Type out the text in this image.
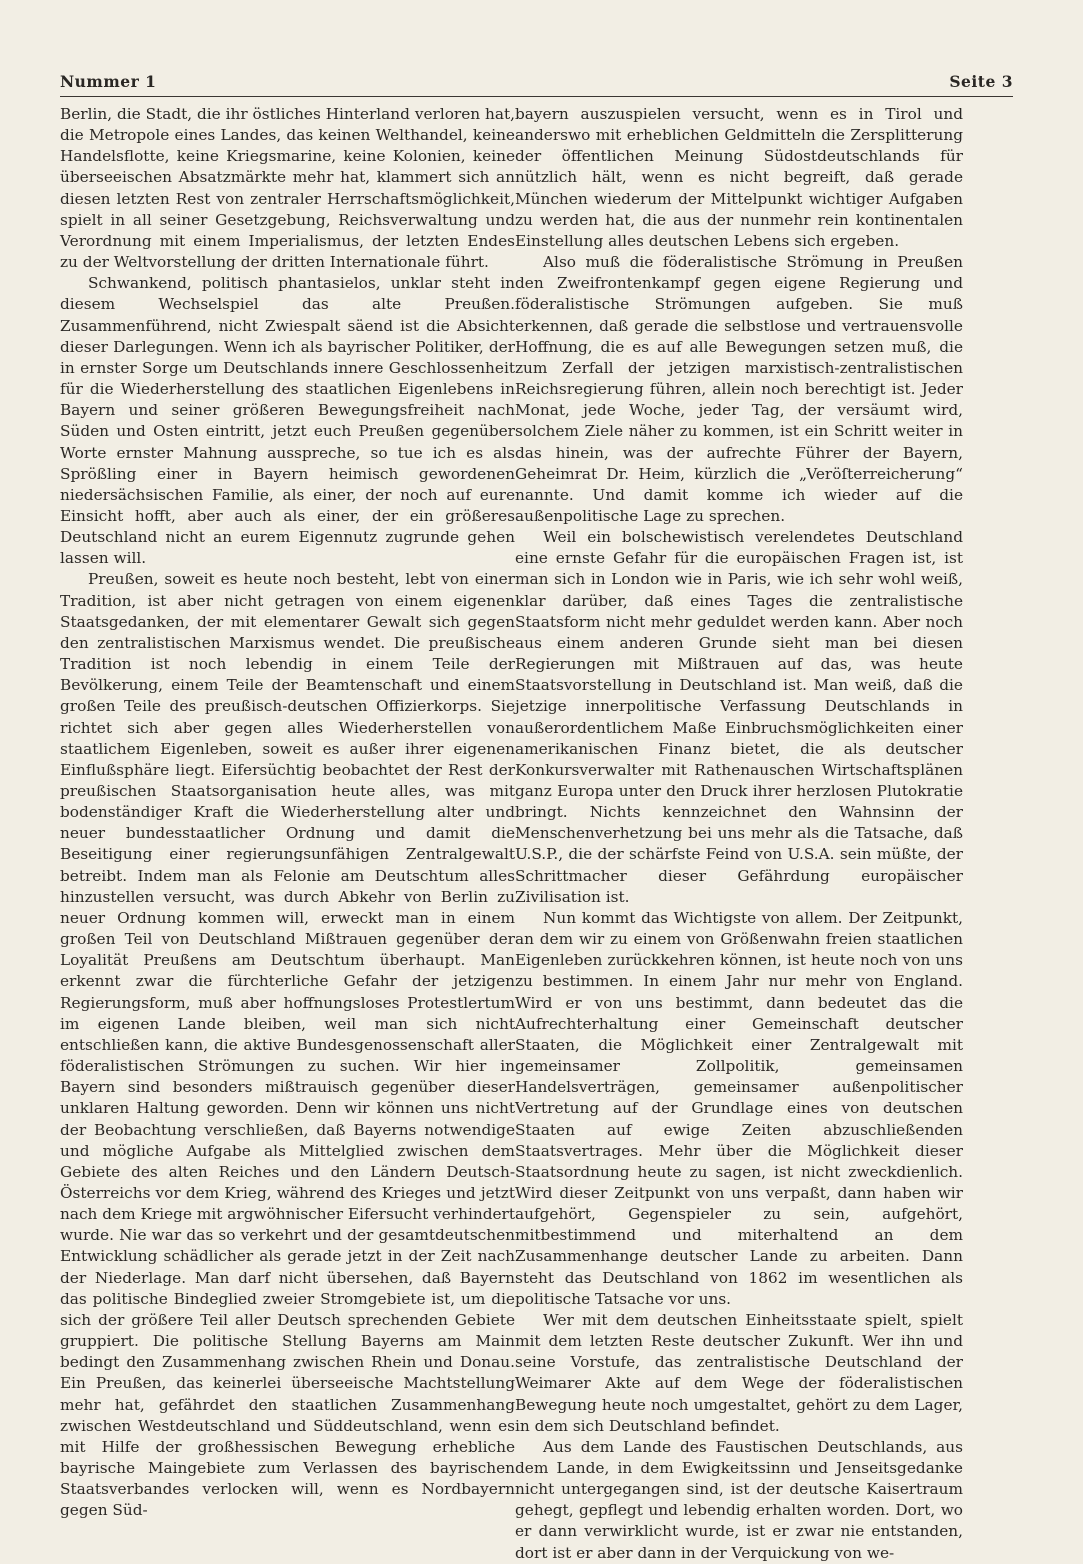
Nummer 1	Seite 3

Berlin, die Stadt, die ihr östliches Hinterland verloren hat, die Metropole eines Landes, das keinen Welthandel, keine Handelsflotte, keine Kriegsmarine, keine Kolonien, keine überseeischen Absatzmärkte mehr hat, klammert sich an diesen letzten Rest von zentraler Herrschaftsmöglichkeit, spielt in all seiner Gesetzgebung, Reichsverwaltung und Verordnung mit einem Imperialismus, der letzten Endes zu der Weltvorstellung der dritten Internationale führt.

Schwankend, politisch phantasielos, unklar steht in diesem Wechselspiel das alte Preußen. Zusammenführend, nicht Zwiespalt säend ist die Absicht dieser Darlegungen. Wenn ich als bayrischer Politiker, der in ernster Sorge um Deutschlands innere Geschlossenheit für die Wiederherstellung des staatlichen Eigenlebens in Bayern und seiner größeren Bewegungsfreiheit nach Süden und Osten eintritt, jetzt euch Preußen gegenüber Worte ernster Mahnung ausspreche, so tue ich es als Sprößling einer in Bayern heimisch gewordenen niedersächsischen Familie, als einer, der noch auf eure Einsicht hofft, aber auch als einer, der ein größeres Deutschland nicht an eurem Eigennutz zugrunde gehen lassen will.

Preußen, soweit es heute noch besteht, lebt von einer Tradition, ist aber nicht getragen von einem eigenen Staatsgedanken, der mit elementarer Gewalt sich gegen den zentralistischen Marxismus wendet. Die preußische Tradition ist noch lebendig in einem Teile der Bevölkerung, einem Teile der Beamtenschaft und einem großen Teile des preußisch-deutschen Offizierkorps. Sie richtet sich aber gegen alles Wiederherstellen von staatlichem Eigenleben, soweit es außer ihrer eigenen Einflußsphäre liegt. Eifersüchtig beobachtet der Rest der preußischen Staatsorganisation heute alles, was mit bodenständiger Kraft die Wiederherstellung alter und neuer bundesstaatlicher Ordnung und damit die Beseitigung einer regierungsunfähigen Zentralgewalt betreibt. Indem man als Felonie am Deutschtum alles hinzustellen versucht, was durch Abkehr von Berlin zu neuer Ordnung kommen will, erweckt man in einem großen Teil von Deutschland Mißtrauen gegenüber der Loyalität Preußens am Deutschtum überhaupt. Man erkennt zwar die fürchterliche Gefahr der jetzigen Regierungsform, muß aber hoffnungsloses Protestlertum im eigenen Lande bleiben, weil man sich nicht entschließen kann, die aktive Bundesgenossenschaft aller föderalistischen Strömungen zu suchen. Wir hier in Bayern sind besonders mißtrauisch gegenüber dieser unklaren Haltung geworden. Denn wir können uns nicht der Beobachtung verschließen, daß Bayerns notwendige und mögliche Aufgabe als Mittelglied zwischen dem Gebiete des alten Reiches und den Ländern Deutsch-Österreichs vor dem Krieg, während des Krieges und jetzt nach dem Kriege mit argwöhnischer Eifersucht verhindert wurde. Nie war das so verkehrt und der gesamtdeutschen Entwicklung schädlicher als gerade jetzt in der Zeit nach der Niederlage. Man darf nicht übersehen, daß Bayern das politische Bindeglied zweier Stromgebiete ist, um die sich der größere Teil aller Deutsch sprechenden Gebiete gruppiert. Die politische Stellung Bayerns am Main bedingt den Zusammenhang zwischen Rhein und Donau. Ein Preußen, das keinerlei überseeische Machtstellung mehr hat, gefährdet den staatlichen Zusammenhang zwischen Westdeutschland und Süddeutschland, wenn es mit Hilfe der großhessischen Bewegung erhebliche bayrische Maingebiete zum Verlassen des bayrischen Staatsverbandes verlocken will, wenn es Nordbayern gegen Süd-

bayern auszuspielen versucht, wenn es in Tirol und anderswo mit erheblichen Geldmitteln die Zersplitterung der öffentlichen Meinung Südostdeutschlands für nützlich hält, wenn es nicht begreift, daß gerade München wiederum der Mittelpunkt wichtiger Aufgaben zu werden hat, die aus der nunmehr rein kontinentalen Einstellung alles deutschen Lebens sich ergeben.

Also muß die föderalistische Strömung in Preußen den Zweifrontenkampf gegen eigene Regierung und föderalistische Strömungen aufgeben. Sie muß erkennen, daß gerade die selbstlose und vertrauensvolle Hoffnung, die es auf alle Bewegungen setzen muß, die zum Zerfall der jetzigen marxistisch-zentralistischen Reichsregierung führen, allein noch berechtigt ist. Jeder Monat, jede Woche, jeder Tag, der versäumt wird, solchem Ziele näher zu kommen, ist ein Schritt weiter in das hinein, was der aufrechte Führer der Bayern, Geheimrat Dr. Heim, kürzlich die „Veröſterreicherung“ nannte. Und damit komme ich wieder auf die außenpolitische Lage zu sprechen.

Weil ein bolschewistisch verelendetes Deutschland eine ernste Gefahr für die europäischen Fragen ist, ist man sich in London wie in Paris, wie ich sehr wohl weiß, klar darüber, daß eines Tages die zentralistische Staatsform nicht mehr geduldet werden kann. Aber noch aus einem anderen Grunde sieht man bei diesen Regierungen mit Mißtrauen auf das, was heute Staatsvorstellung in Deutschland ist. Man weiß, daß die jetzige innerpolitische Verfassung Deutschlands in außerordentlichem Maße Einbruchsmöglichkeiten einer amerikanischen Finanz bietet, die als deutscher Konkursverwalter mit Rathenauschen Wirtschaftsplänen ganz Europa unter den Druck ihrer herzlosen Plutokratie bringt. Nichts kennzeichnet den Wahnsinn der Menschenverhetzung bei uns mehr als die Tatsache, daß U.S.P., die der schärfste Feind von U.S.A. sein müßte, der Schrittmacher dieser Gefährdung europäischer Zivilisation ist.

Nun kommt das Wichtigste von allem. Der Zeitpunkt, an dem wir zu einem von Größenwahn freien staatlichen Eigenleben zurückkehren können, ist heute noch von uns zu bestimmen. In einem Jahr nur mehr von England. Wird er von uns bestimmt, dann bedeutet das die Aufrechterhaltung einer Gemeinschaft deutscher Staaten, die Möglichkeit einer Zentralgewalt mit gemeinsamer Zollpolitik, gemeinsamen Handelsverträgen, gemeinsamer außenpolitischer Vertretung auf der Grundlage eines von deutschen Staaten auf ewige Zeiten abzuschließenden Staatsvertrages. Mehr über die Möglichkeit dieser Staatsordnung heute zu sagen, ist nicht zweckdienlich. Wird dieser Zeitpunkt von uns verpaßt, dann haben wir aufgehört, Gegenspieler zu sein, aufgehört, mitbestimmend und miterhaltend an dem Zusammenhange deutscher Lande zu arbeiten. Dann steht das Deutschland von 1862 im wesentlichen als politische Tatsache vor uns.

Wer mit dem deutschen Einheitsstaate spielt, spielt mit dem letzten Reste deutscher Zukunft. Wer ihn und seine Vorstufe, das zentralistische Deutschland der Weimarer Akte auf dem Wege der föderalistischen Bewegung heute noch umgestaltet, gehört zu dem Lager, in dem sich Deutschland befindet.

Aus dem Lande des Faustischen Deutschlands, aus dem Lande, in dem Ewigkeitssinn und Jenseitsgedanke nicht untergegangen sind, ist der deutsche Kaisertraum gehegt, gepflegt und lebendig erhalten worden. Dort, wo er dann verwirklicht wurde, ist er zwar nie entstanden, dort ist er aber dann in der Verquickung von we-
